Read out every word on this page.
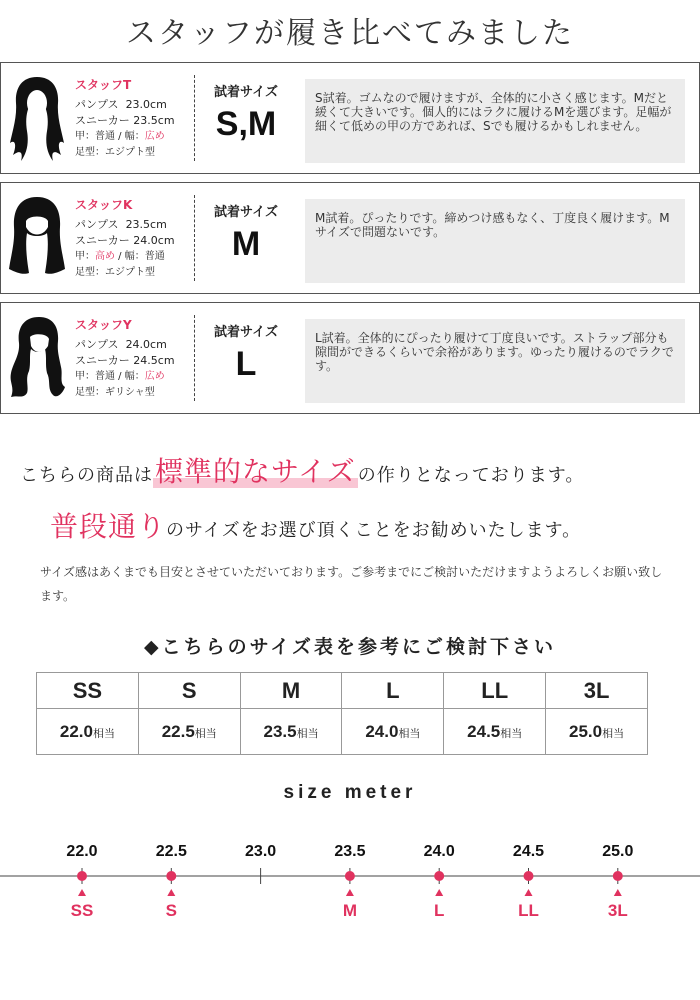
スタッフが履き比べてみました
スタッフT
パンプス 23.0cm
スニーカー 23.5cm
甲：普通 / 幅：広め
足型：エジプト型
試着サイズ
S,M
S試着。ゴムなので履けますが、全体的に小さく感じます。Mだと緩くて大きいです。個人的にはラクに履けるMを選びます。足幅が細くて低めの甲の方であれば、Sでも履けるかもしれません。
スタッフK
パンプス 23.5cm
スニーカー 24.0cm
甲：高め / 幅：普通
足型：エジプト型
試着サイズ
M
M試着。ぴったりです。締めつけ感もなく、丁度良く履けます。Mサイズで問題ないです。
スタッフY
パンプス 24.0cm
スニーカー 24.5cm
甲：普通 / 幅：広め
足型：ギリシャ型
試着サイズ
L
L試着。全体的にぴったり履けて丁度良いです。ストラップ部分も隙間ができるくらいで余裕があります。ゆったり履けるのでラクです。
こちらの商品は標準的なサイズ の作りとなっております。
普段通りのサイズをお選び頂くことをお勧めいたします。
サイズ感はあくまでも目安とさせていただいております。ご参考までにご検討いただけますようよろしくお願い致します。
◆こちらのサイズ表を参考にご検討下さい
SS	S	M	L	LL	3L
22.0相当	22.5相当	23.5相当	24.0相当	24.5相当	25.0相当
size meter
22.0	22.5	23.0	23.5	24.0	24.5	25.0
SS	S	M	L	LL	3L
